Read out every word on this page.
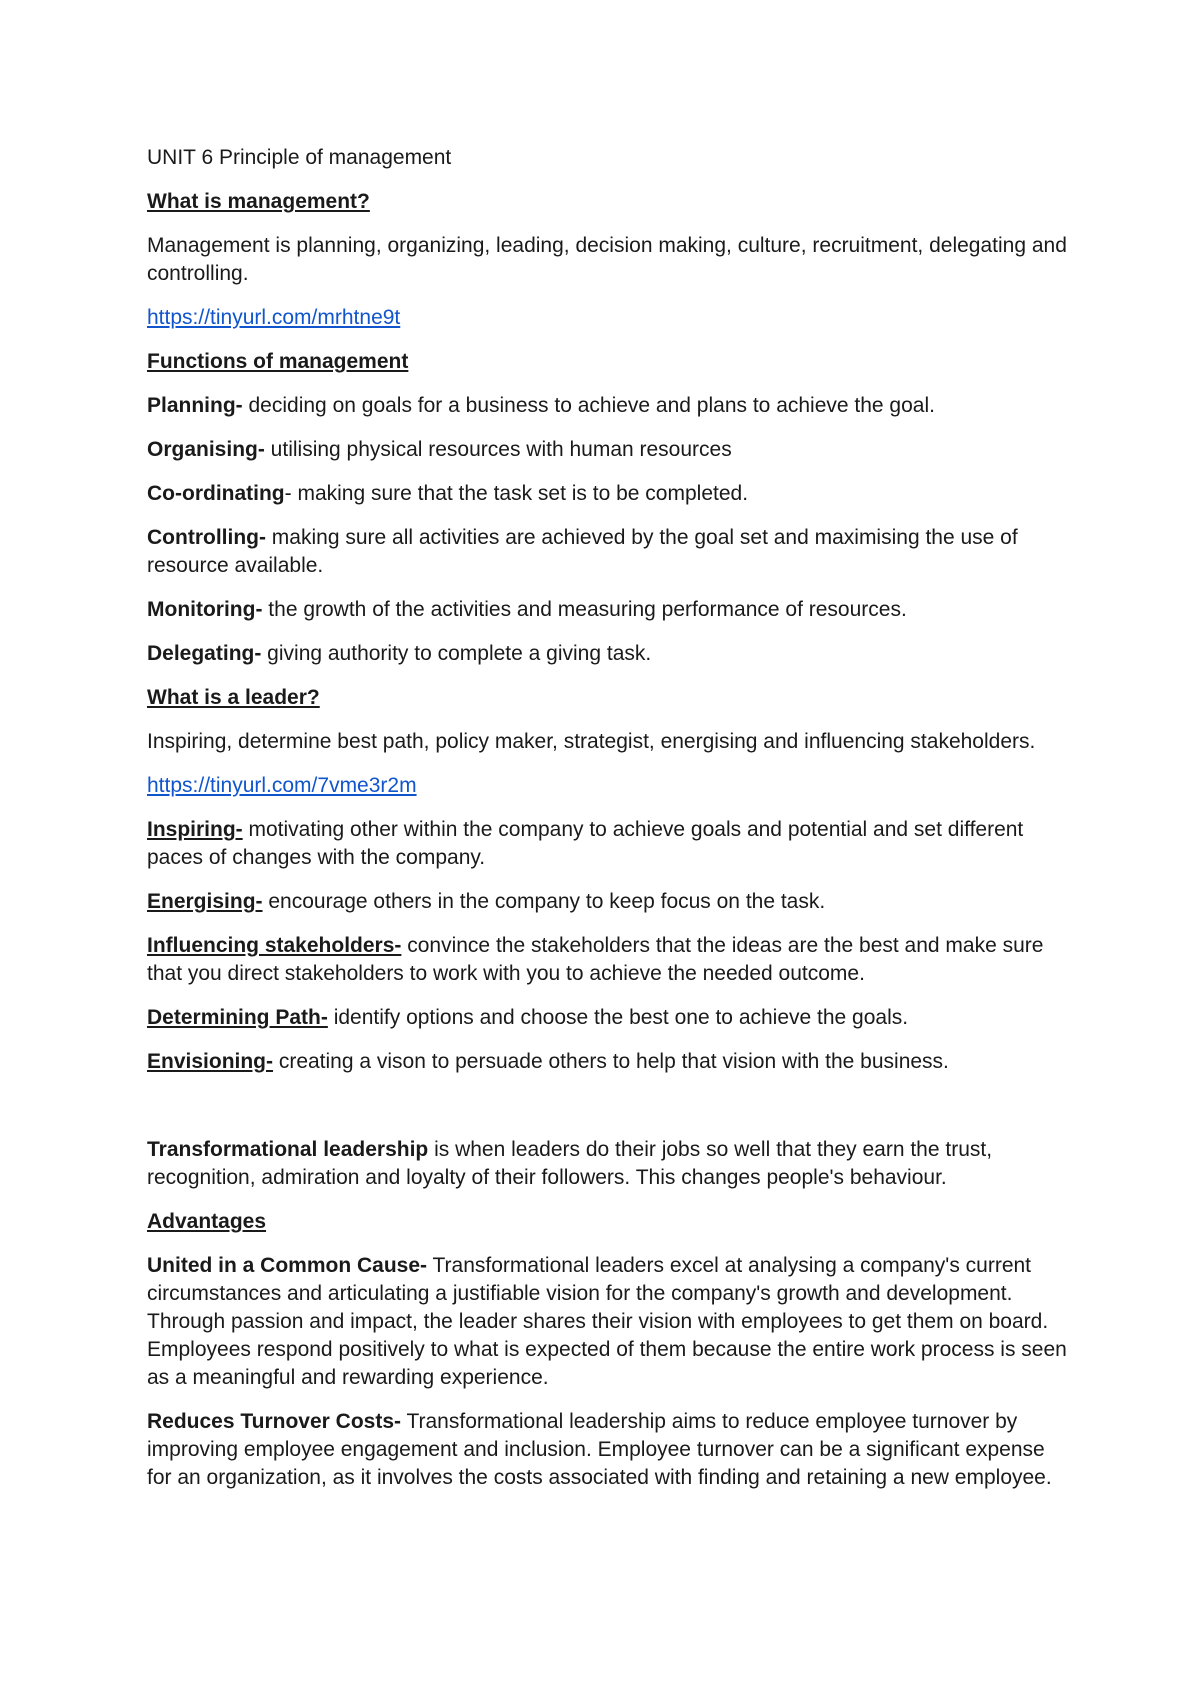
UNIT 6 Principle of management

What is management?

Management is planning, organizing, leading, decision making, culture, recruitment, delegating and controlling.

https://tinyurl.com/mrhtne9t

Functions of management

Planning- deciding on goals for a business to achieve and plans to achieve the goal.

Organising- utilising physical resources with human resources

Co-ordinating- making sure that the task set is to be completed.

Controlling- making sure all activities are achieved by the goal set and maximising the use of resource available.

Monitoring- the growth of the activities and measuring performance of resources.

Delegating- giving authority to complete a giving task.

What is a leader?

Inspiring, determine best path, policy maker, strategist, energising and influencing stakeholders.

https://tinyurl.com/7vme3r2m

Inspiring- motivating other within the company to achieve goals and potential and set different paces of changes with the company.

Energising- encourage others in the company to keep focus on the task.

Influencing stakeholders- convince the stakeholders that the ideas are the best and make sure that you direct stakeholders to work with you to achieve the needed outcome.

Determining Path- identify options and choose the best one to achieve the goals.

Envisioning- creating a vison to persuade others to help that vision with the business.

Transformational leadership is when leaders do their jobs so well that they earn the trust, recognition, admiration and loyalty of their followers. This changes people's behaviour.

Advantages

United in a Common Cause- Transformational leaders excel at analysing a company's current circumstances and articulating a justifiable vision for the company's growth and development. Through passion and impact, the leader shares their vision with employees to get them on board. Employees respond positively to what is expected of them because the entire work process is seen as a meaningful and rewarding experience.

Reduces Turnover Costs- Transformational leadership aims to reduce employee turnover by improving employee engagement and inclusion. Employee turnover can be a significant expense for an organization, as it involves the costs associated with finding and retaining a new employee.
